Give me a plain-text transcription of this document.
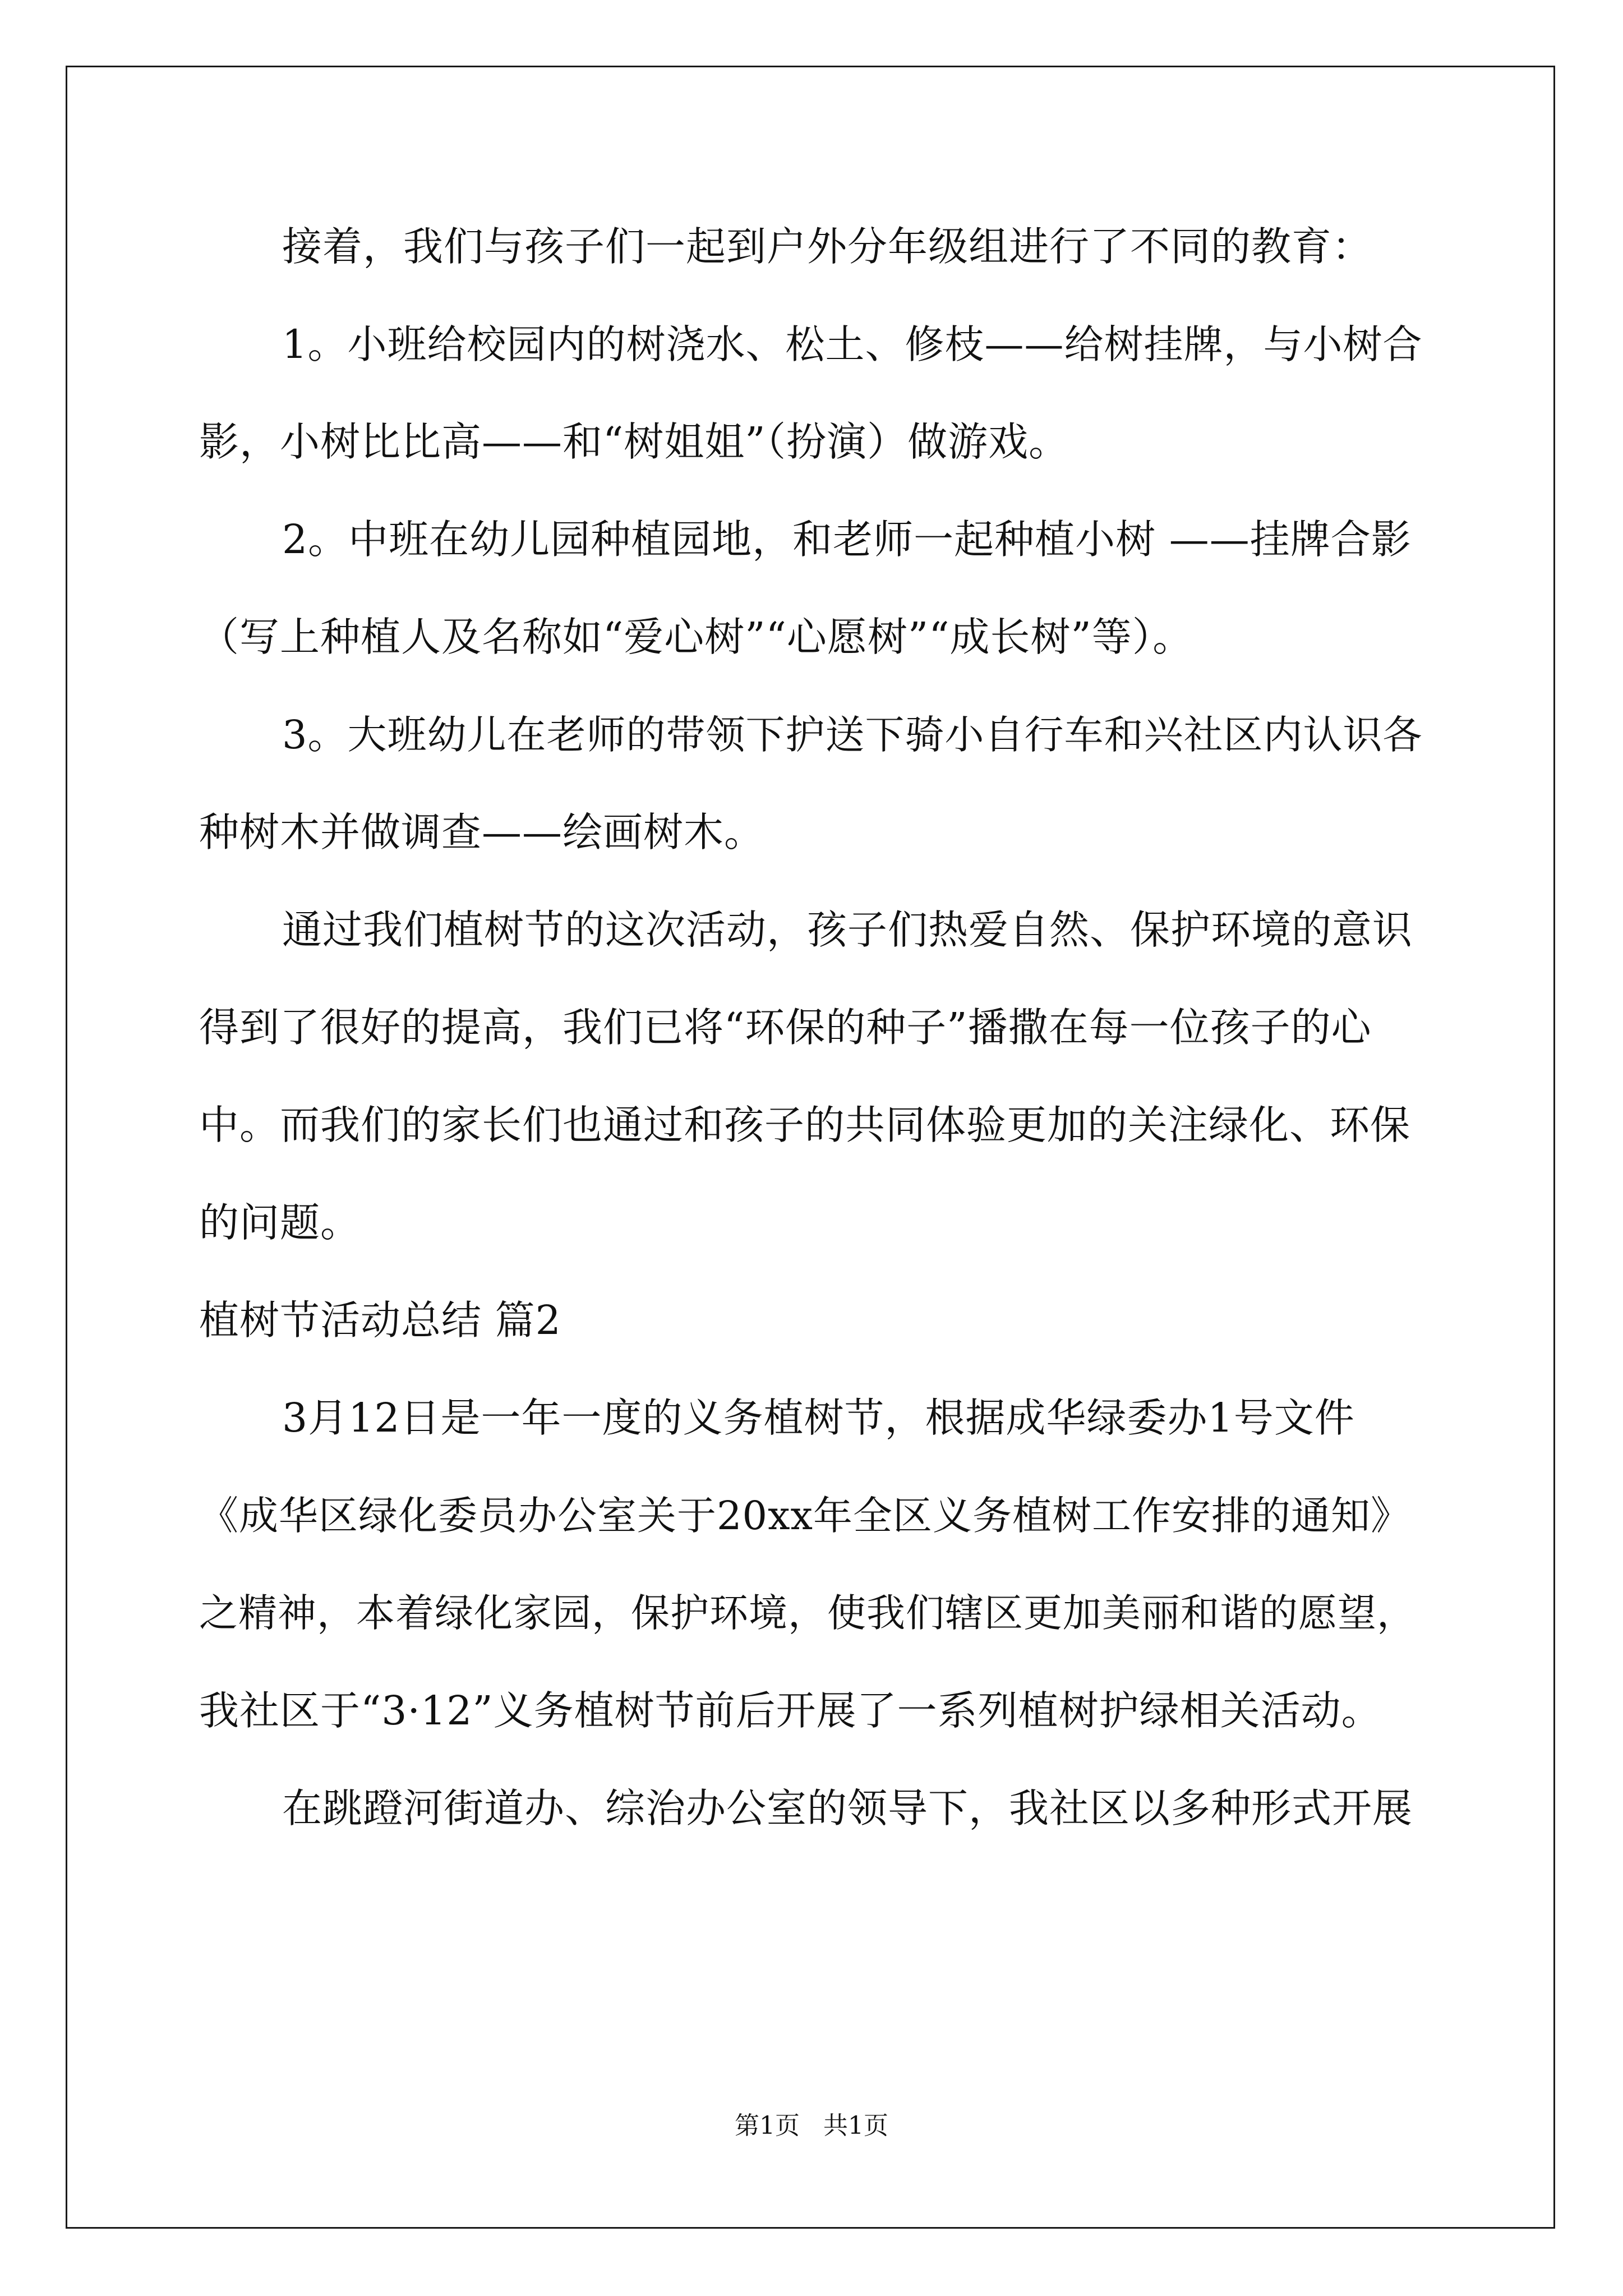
接着，我们与孩子们一起到户外分年级组进行了不同的教育：
1。小班给校园内的树浇水、松土、修枝——给树挂牌，与小树合
影，小树比比高——和“树姐姐”（扮演）做游戏。
2。中班在幼儿园种植园地，和老师一起种植小树 ——挂牌合影
（写上种植人及名称如“爱心树”“心愿树”“成长树”等）。
3。大班幼儿在老师的带领下护送下骑小自行车和兴社区内认识各
种树木并做调查——绘画树木。
通过我们植树节的这次活动，孩子们热爱自然、保护环境的意识
得到了很好的提高，我们已将“环保的种子”播撒在每一位孩子的心
中。而我们的家长们也通过和孩子的共同体验更加的关注绿化、环保
的问题。
植树节活动总结 篇2
3月12日是一年一度的义务植树节，根据成华绿委办1号文件
《成华区绿化委员办公室关于20xx年全区义务植树工作安排的通知》
之精神，本着绿化家园，保护环境，使我们辖区更加美丽和谐的愿望，
我社区于“3·12”义务植树节前后开展了一系列植树护绿相关活动。
在跳蹬河街道办、综治办公室的领导下，我社区以多种形式开展
第1页 共1页
